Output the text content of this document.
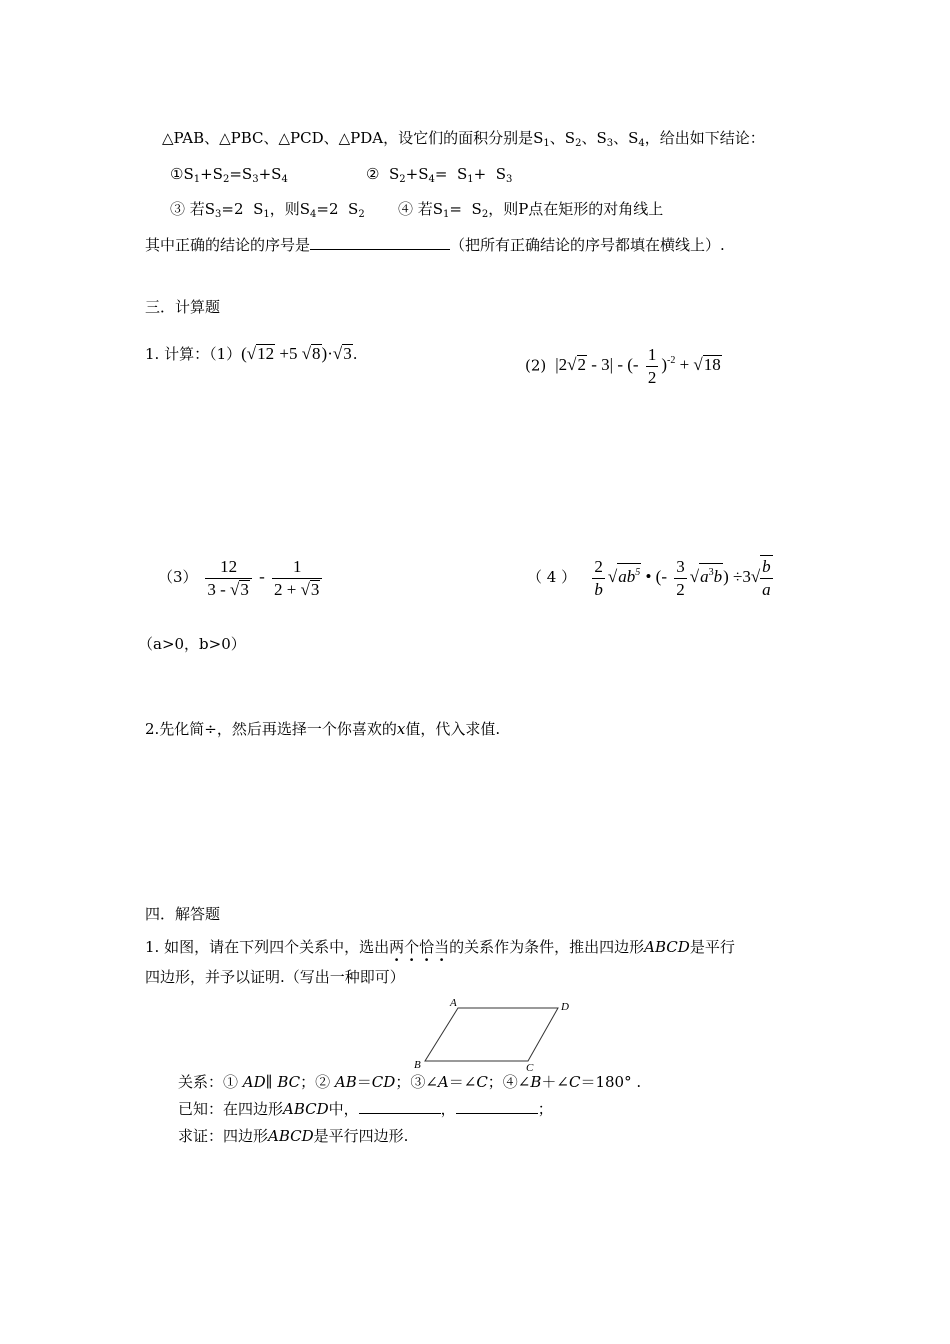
△PAB、△PBC、△PCD、△PDA，设它们的面积分别是$S_1$、$S_2$、$S_3$、$S_4$，给出如下结论：
$①S_1+S_2=S_3+S_4$	②  $S_2+S_4= S_1+ S_3$
③ 若$S_3=2$  $S_1$，则$S_4=2$  $S_2$ ④ 若$S_1= S_2$，则P点在矩形的对角线上
其中正确的结论的序号是	（把所有正确结论的序号都填在横线上）.
三．计算题
1. 计算：（1）(√12 +5 √8)·√3.
(2)  |2√2 - 3| - (- $\frac{1}{2} )^{-2} + √18$
$(3) \frac{12}{3 - √3} - \frac{1}{2 + √3}$	（ 4 ） $\frac{2}{b} √ab^5$ • (- $\frac{3}{2} √a^3b) \div 3√ \frac{b}{a}$
（a>0，b>0）
2.先化简÷，然后再选择一个你喜欢的x值，代入求值.
四．解答题
1. 如图，请在下列四个关系中，选出两个恰当的关系作为条件，推出四边形ABCD是平行
四边形，并予以证明.（写出一种即可）
A	D
B	C
关系：① AD∥ BC；② AB＝CD；③∠A＝∠C；④∠B＋∠C＝180° .
已知：在四边形ABCD中，	，	；
求证：四边形ABCD是平行四边形.
